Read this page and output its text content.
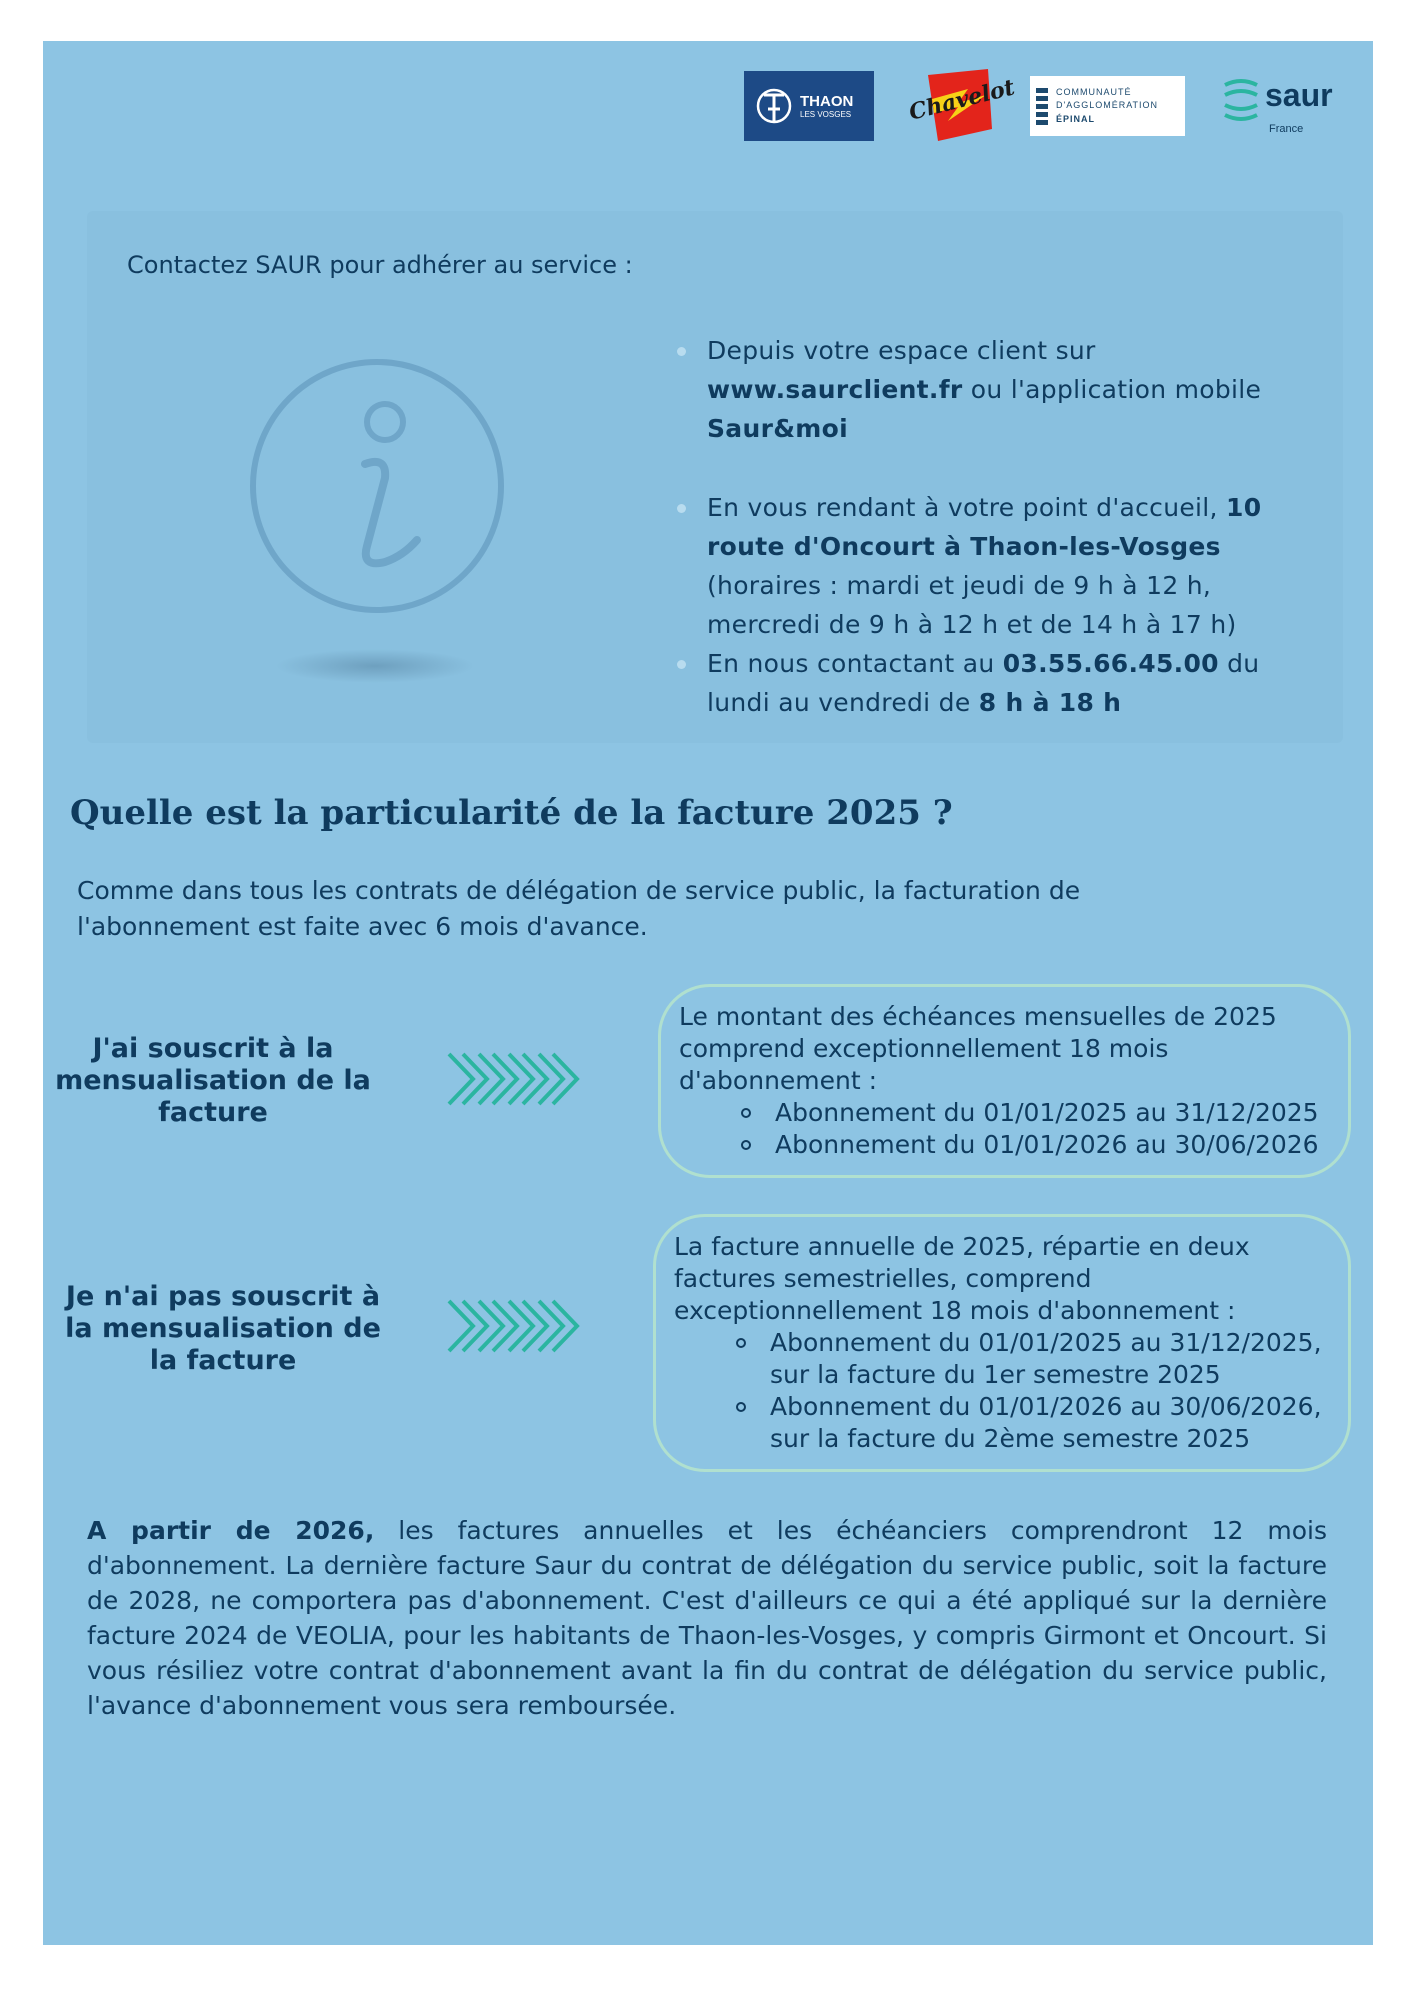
THAON
LES VOSGES	Chavelot	COMMUNAUTÉ
D'AGGLOMÉRATION
ÉPINAL
saur
France
Contactez SAUR pour adhérer au service :
Depuis votre espace client sur www.saurclient.fr ou l'application mobile Saur&moi
En vous rendant à votre point d'accueil, 10 route d'Oncourt à Thaon-les-Vosges (horaires : mardi et jeudi de 9 h à 12 h, mercredi de 9 h à 12 h et de 14 h à 17 h)
En nous contactant au 03.55.66.45.00 du lundi au vendredi de 8 h à 18 h
Quelle est la particularité de la facture 2025 ?
Comme dans tous les contrats de délégation de service public, la facturation de l'abonnement est faite avec 6 mois d'avance.
J'ai souscrit à la mensualisation de la facture
Le montant des échéances mensuelles de 2025 comprend exceptionnellement 18 mois d'abonnement :
Abonnement du 01/01/2025 au 31/12/2025
Abonnement du 01/01/2026 au 30/06/2026
Je n'ai pas souscrit à la mensualisation de la facture
La facture annuelle de 2025, répartie en deux factures semestrielles, comprend exceptionnellement 18 mois d'abonnement :
Abonnement du 01/01/2025 au 31/12/2025, sur la facture du 1er semestre 2025
Abonnement du 01/01/2026 au 30/06/2026, sur la facture du 2ème semestre 2025
A partir de 2026, les factures annuelles et les échéanciers comprendront 12 mois d'abonnement. La dernière facture Saur du contrat de délégation du service public, soit la facture de 2028, ne comportera pas d'abonnement. C'est d'ailleurs ce qui a été appliqué sur la dernière facture 2024 de VEOLIA, pour les habitants de Thaon-les-Vosges, y compris Girmont et Oncourt. Si vous résiliez votre contrat d'abonnement avant la fin du contrat de délégation du service public, l'avance d'abonnement vous sera remboursée.
